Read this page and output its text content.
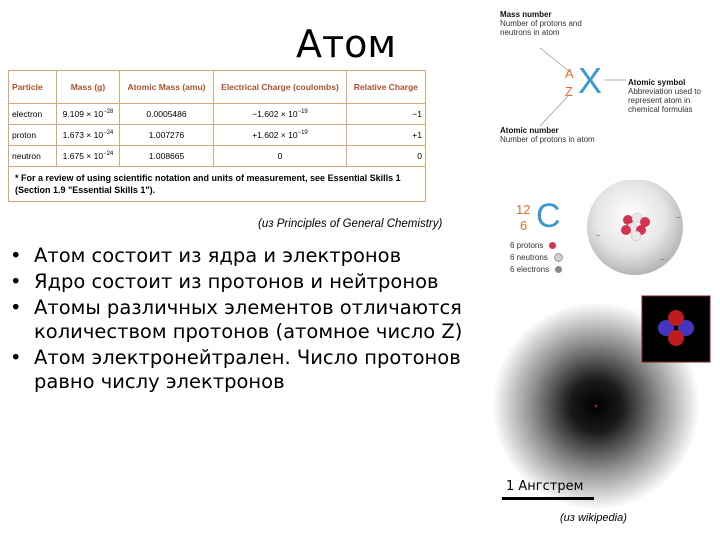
Атом
Particle	Mass (g)	Atomic Mass (amu)	Electrical Charge (coulombs)	Relative Charge
electron	$9.109 \times 10^{-28}$	0.0005486	$-1.602 \times 10^{-19}$	−1
proton	$1.673 \times 10^{-24}$	1.007276	$+1.602 \times 10^{-19}$	+1
neutron	$1.675 \times 10^{-24}$	1.008665	0	0
* For a review of using scientific notation and units of measurement, see Essential Skills 1 (Section 1.9 "Essential Skills 1").				
(из Principles of General Chemistry)
• Атом состоит из ядра и электронов
• Ядро состоит из протонов и нейтронов
• Атомы различных элементов отличаются количеством протонов (атомное число Z)
• Атом электронейтрален. Число протонов равно числу электронов
Mass number
Number of protons and neutrons in atom
A
Z X	Atomic symbol
Abbreviation used to represent atom in chemical formulas
Atomic number
Number of protons in atom
12
6 C
6 protons
6 neutrons
6 electrons
−
−
−
1 Ангстрем
(из wikipedia)
